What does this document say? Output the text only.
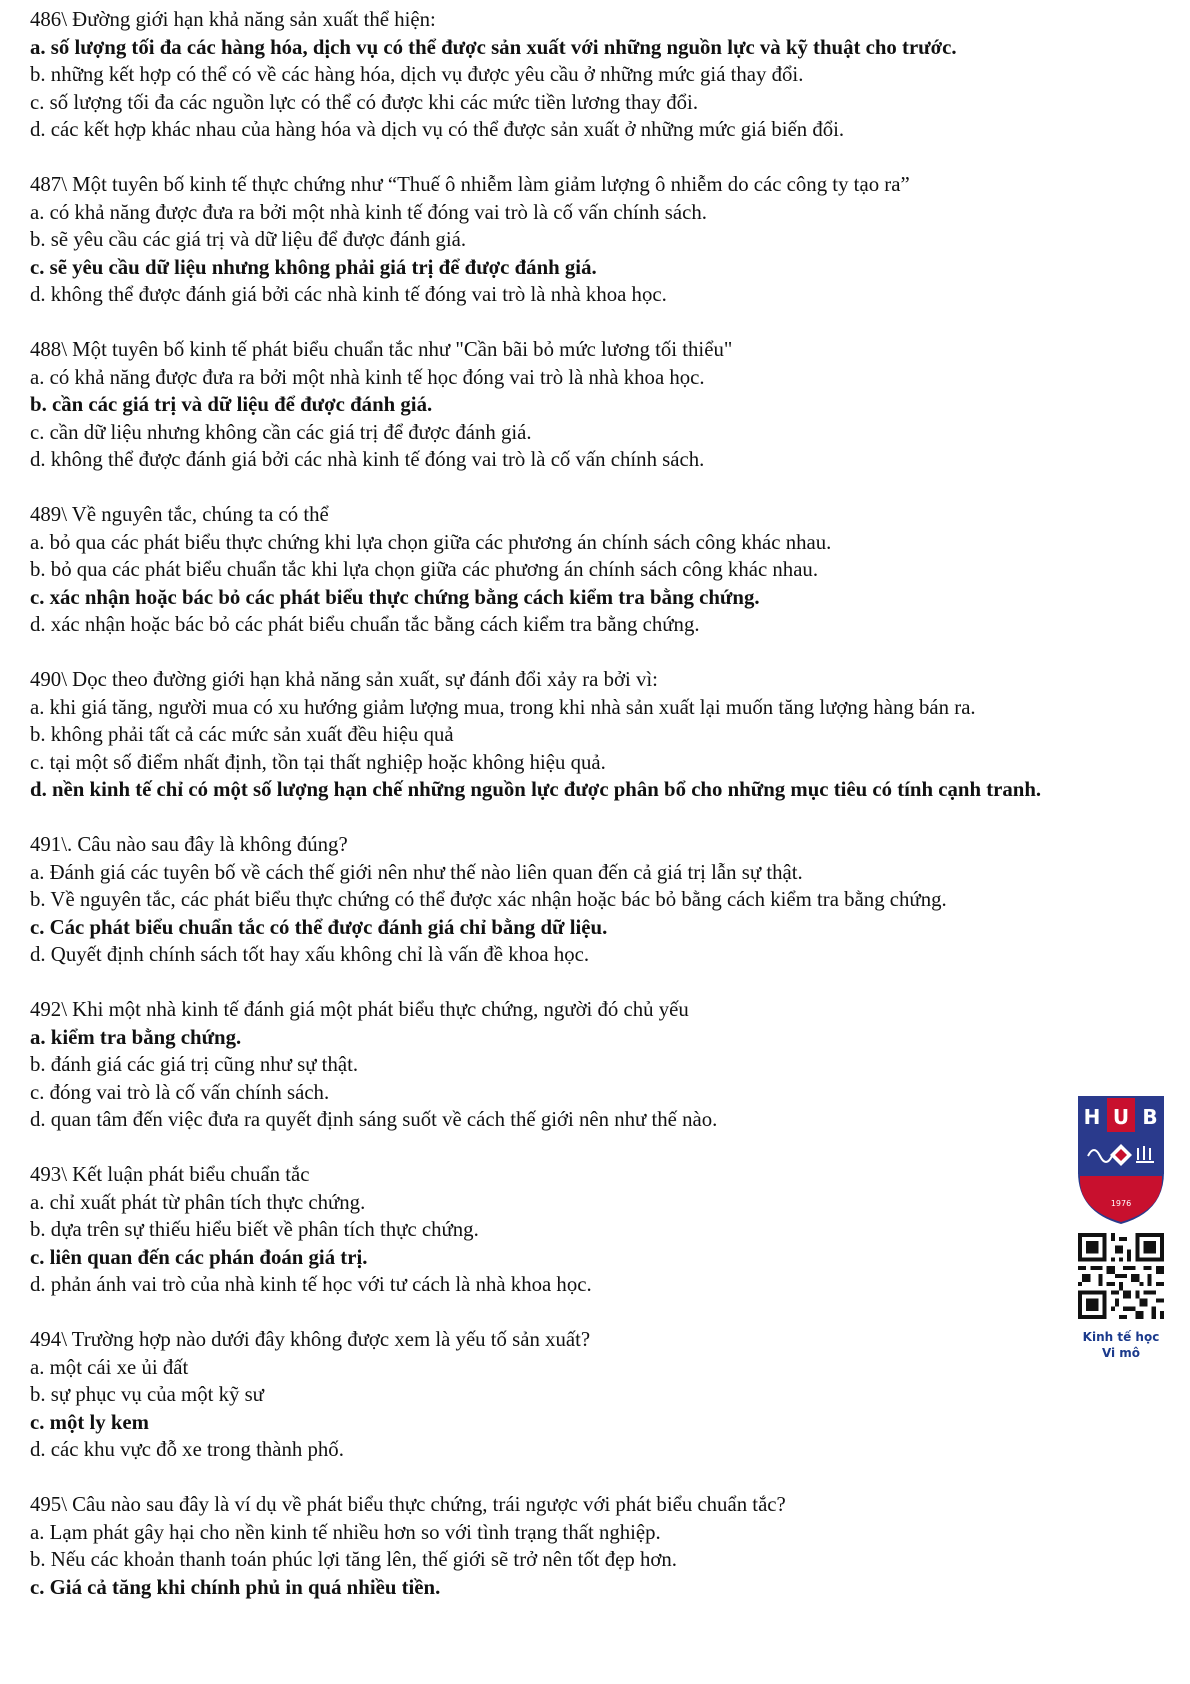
486\ Đường giới hạn khả năng sản xuất thể hiện:
a. số lượng tối đa các hàng hóa, dịch vụ có thể được sản xuất với những nguồn lực và kỹ thuật cho trước.
b. những kết hợp có thể có về các hàng hóa, dịch vụ được yêu cầu ở những mức giá thay đổi.
c. số lượng tối đa các nguồn lực có thể có được khi các mức tiền lương thay đổi.
d. các kết hợp khác nhau của hàng hóa và dịch vụ có thể được sản xuất ở những mức giá biến đổi.
487\ Một tuyên bố kinh tế thực chứng như “Thuế ô nhiễm làm giảm lượng ô nhiễm do các công ty tạo ra”
a. có khả năng được đưa ra bởi một nhà kinh tế đóng vai trò là cố vấn chính sách.
b. sẽ yêu cầu các giá trị và dữ liệu để được đánh giá.
c. sẽ yêu cầu dữ liệu nhưng không phải giá trị để được đánh giá.
d. không thể được đánh giá bởi các nhà kinh tế đóng vai trò là nhà khoa học.
488\ Một tuyên bố kinh tế phát biểu chuẩn tắc như "Cần bãi bỏ mức lương tối thiểu"
a. có khả năng được đưa ra bởi một nhà kinh tế học đóng vai trò là nhà khoa học.
b. cần các giá trị và dữ liệu để được đánh giá.
c. cần dữ liệu nhưng không cần các giá trị để được đánh giá.
d. không thể được đánh giá bởi các nhà kinh tế đóng vai trò là cố vấn chính sách.
489\ Về nguyên tắc, chúng ta có thể
a. bỏ qua các phát biểu thực chứng khi lựa chọn giữa các phương án chính sách công khác nhau.
b. bỏ qua các phát biểu chuẩn tắc khi lựa chọn giữa các phương án chính sách công khác nhau.
c. xác nhận hoặc bác bỏ các phát biểu thực chứng bằng cách kiểm tra bằng chứng.
d. xác nhận hoặc bác bỏ các phát biểu chuẩn tắc bằng cách kiểm tra bằng chứng.
490\ Dọc theo đường giới hạn khả năng sản xuất, sự đánh đổi xảy ra bởi vì:
a. khi giá tăng, người mua có xu hướng giảm lượng mua, trong khi nhà sản xuất lại muốn tăng lượng hàng bán ra.
b. không phải tất cả các mức sản xuất đều hiệu quả
c. tại một số điểm nhất định, tồn tại thất nghiệp hoặc không hiệu quả.
d. nền kinh tế chỉ có một số lượng hạn chế những nguồn lực được phân bổ cho những mục tiêu có tính cạnh tranh.
491\. Câu nào sau đây là không đúng?
a. Đánh giá các tuyên bố về cách thế giới nên như thế nào liên quan đến cả giá trị lẫn sự thật.
b. Về nguyên tắc, các phát biểu thực chứng có thể được xác nhận hoặc bác bỏ bằng cách kiểm tra bằng chứng.
c. Các phát biểu chuẩn tắc có thể được đánh giá chỉ bằng dữ liệu.
d. Quyết định chính sách tốt hay xấu không chỉ là vấn đề khoa học.
492\ Khi một nhà kinh tế đánh giá một phát biểu thực chứng, người đó chủ yếu
a. kiểm tra bằng chứng.
b. đánh giá các giá trị cũng như sự thật.
c. đóng vai trò là cố vấn chính sách.
d. quan tâm đến việc đưa ra quyết định sáng suốt về cách thế giới nên như thế nào.
493\ Kết luận phát biểu chuẩn tắc
a. chỉ xuất phát từ phân tích thực chứng.
b. dựa trên sự thiếu hiểu biết về phân tích thực chứng.
c. liên quan đến các phán đoán giá trị.
d. phản ánh vai trò của nhà kinh tế học với tư cách là nhà khoa học.
494\ Trường hợp nào dưới đây không được xem là yếu tố sản xuất?
a. một cái xe ủi đất
b. sự phục vụ của một kỹ sư
c. một ly kem
d. các khu vực đỗ xe trong thành phố.
495\ Câu nào sau đây là ví dụ về phát biểu thực chứng, trái ngược với phát biểu chuẩn tắc?
a. Lạm phát gây hại cho nền kinh tế nhiều hơn so với tình trạng thất nghiệp.
b. Nếu các khoản thanh toán phúc lợi tăng lên, thế giới sẽ trở nên tốt đẹp hơn.
c. Giá cả tăng khi chính phủ in quá nhiều tiền.
H U B
1976
Kinh tế học
Vi mô
